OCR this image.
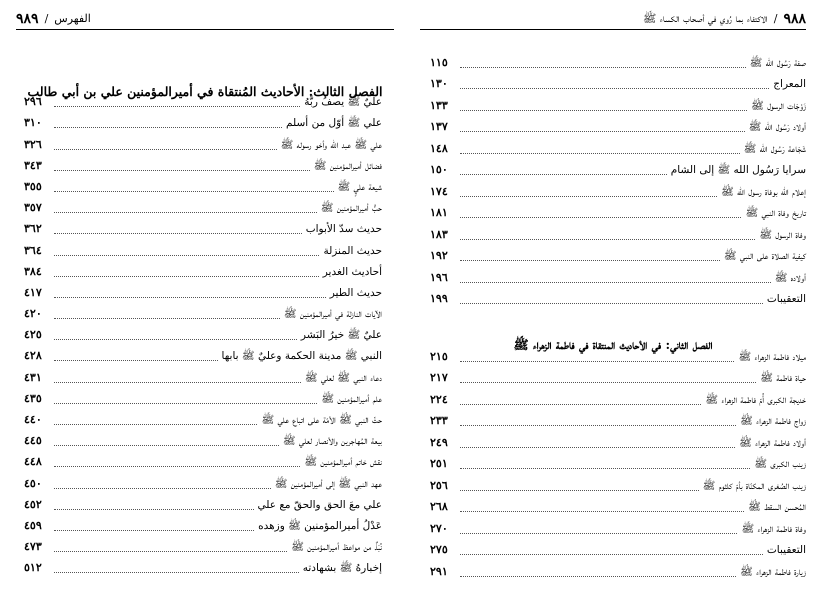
الفهرس
/
٩٨٩
الفصل الثالث: الأحاديث المُنتقاة في أميرالمؤمنين علي بن أبي طالب
عليٌ ﷺ يصفُ ربَّهُ
٢٩٦
علي ﷺ أوّل من أسلم
٣١٠
علي ﷺ عبد الله وأخو رسوله ﷺ
٣٢٦
فضائل أميرالمؤمنين ﷺ
٣٤٣
شيعة عليٍ ﷺ
٣٥٥
حبُّ أميرالمؤمنين ﷺ
٣٥٧
حديث سدّ الأبواب
٣٦٢
حديث المنزلة
٣٦٤
أحاديث الغدير
٣٨٤
حديث الطير
٤١٧
الآيات النازلة في أميرالمؤمنين ﷺ
٤٢٠
عليٌ ﷺ خيرُ البَشر
٤٢٥
النبي ﷺ مدينة الحكمة وعليٌ ﷺ بابها
٤٢٨
دعاء النبي ﷺ لعلي ﷺ
٤٣١
علم أميرالمؤمنين ﷺ
٤٣٥
حثّ النبي ﷺ الأمّة على اتباع علي ﷺ
٤٤٠
بيعة المُهاجرين والأنصار لعلي ﷺ
٤٤٥
نقش خاتم أميرالمؤمنين ﷺ
٤٤٨
عهد النبي ﷺ إلى أميرالمؤمنين ﷺ
٤٥٠
علي معَ الحق والحقّ مع علي
٤٥٢
عَدْلُ أميرالمؤمنين ﷺ وزهده
٤٥٩
نُبَذٌ من مواعظ أميرالمؤمنين ﷺ
٤٧٣
إخبارهُ ﷺ بشهادته
٥١٢
٩٨٨
/
الاكتفاء بما رُوي في أصحاب الكساء ﷺ
صفة رَسُول الله ﷺ
١١٥
المعراج
١٣٠
زَوْجَات الرسول ﷺ
١٣٣
أولاد رَسُول الله ﷺ
١٣٧
شَجَاعة رَسُول الله ﷺ
١٤٨
سرايا رَسُول الله ﷺ إلى الشام
١٥٠
إعلام الله بوفاة رسول الله ﷺ
١٧٤
تاريخ وفاة النبي ﷺ
١٨١
وفاة الرسول ﷺ
١٨٣
كيفية الصلاة على النبي ﷺ
١٩٢
أولاده ﷺ
١٩٦
التعقيبات
١٩٩
الفصل الثاني: في الأحاديث المنتقاة في فاطمة الزهراء ﷺ
ميلاد فاطمة الزهراء ﷺ
٢١٥
حياة فاطمة ﷺ
٢١٧
خديجة الكبرى أُمّ فاطمة الزهراء ﷺ
٢٢٤
زواج فاطمة الزهراء ﷺ
٢٣٣
أولاد فاطمة الزهراء ﷺ
٢٤٩
زينب الكبرى ﷺ
٢٥١
زينب الصُغرى المكنّاة بأمّ كلثوم ﷺ
٢٥٦
المُحسن السقط ﷺ
٢٦٨
وفاة فاطمة الزهراء ﷺ
٢٧٠
التعقيبات
٢٧٥
زيارة فاطمة الزهراء ﷺ
٢٩١
